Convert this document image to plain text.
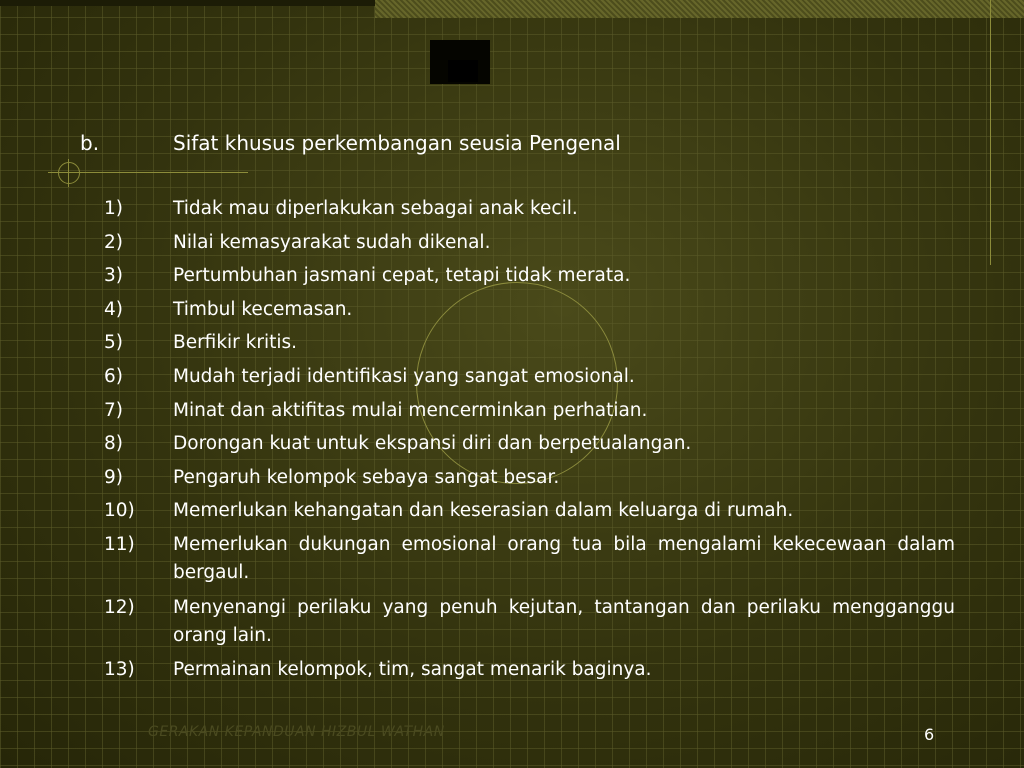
b.	Sifat khusus perkembangan seusia Pengenal
1)	Tidak mau diperlakukan sebagai anak kecil.
2)	Nilai kemasyarakat sudah dikenal.
3)	Pertumbuhan jasmani cepat, tetapi tidak merata.
4)	Timbul kecemasan.
5)	Berfikir kritis.
6)	Mudah terjadi identifikasi yang sangat emosional.
7)	Minat dan aktifitas mulai mencerminkan perhatian.
8)	Dorongan kuat untuk ekspansi diri dan berpetualangan.
9)	Pengaruh kelompok sebaya sangat besar.
10) Memerlukan kehangatan dan keserasian dalam keluarga di rumah.
11) Memerlukan dukungan emosional orang tua bila mengalami kekecewaan dalam bergaul.
12) Menyenangi perilaku yang penuh kejutan, tantangan dan perilaku mengganggu orang lain.
13) Permainan kelompok, tim, sangat menarik baginya.
GERAKAN KEPANDUAN HIZBUL WATHAN	6
